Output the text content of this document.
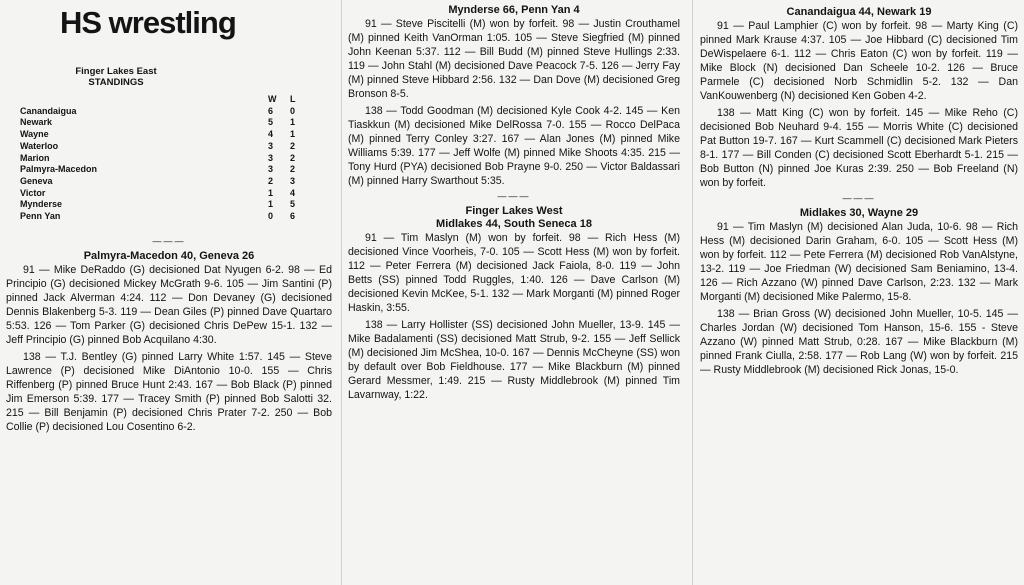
HS wrestling
Finger Lakes East
STANDINGS
	W	L
Canandaigua	6	0
Newark	5	1
Wayne	4	1
Waterloo	3	2
Marion	3	2
Palmyra-Macedon	3	2
Geneva	2	3
Victor	1	4
Mynderse	1	5
Penn Yan	0	6
———
Palmyra-Macedon 40, Geneva 26

91 — Mike DeRaddo (G) decisioned Dat Nyugen 6-2. 98 — Ed Principio (G) decisioned Mickey McGrath 9-6. 105 — Jim Santini (P) pinned Jack Alverman 4:24. 112 — Don Devaney (G) decisioned Dennis Blakenberg 5-3. 119 — Dean Giles (P) pinned Dave Quartaro 5:53. 126 — Tom Parker (G) decisioned Chris DePew 15-1. 132 — Jeff Principio (G) pinned Bob Acquilano 4:30.

138 — T.J. Bentley (G) pinned Larry White 1:57. 145 — Steve Lawrence (P) decisioned Mike DiAntonio 10-0. 155 — Chris Riffenberg (P) pinned Bruce Hunt 2:43. 167 — Bob Black (P) pinned Jim Emerson 5:39. 177 — Tracey Smith (P) pinned Bob Salotti 32. 215 — Bill Benjamin (P) decisioned Chris Prater 7-2. 250 — Bob Collie (P) decisioned Lou Cosentino 6-2.

Mynderse 66, Penn Yan 4

91 — Steve Piscitelli (M) won by forfeit. 98 — Justin Crouthamel (M) pinned Keith VanOrman 1:05. 105 — Steve Siegfried (M) pinned John Keenan 5:37. 112 — Bill Budd (M) pinned Steve Hullings 2:33. 119 — John Stahl (M) decisioned Dave Peacock 7-5. 126 — Jerry Fay (M) pinned Steve Hibbard 2:56. 132 — Dan Dove (M) decisioned Greg Bronson 8-5.

138 — Todd Goodman (M) decisioned Kyle Cook 4-2. 145 — Ken Tiaskkun (M) decisioned Mike DelRossa 7-0. 155 — Rocco DelPaca (M) pinned Terry Conley 3:27. 167 — Alan Jones (M) pinned Mike Williams 5:39. 177 — Jeff Wolfe (M) pinned Mike Shoots 4:35. 215 — Tony Hurd (PYA) decisioned Bob Prayne 9-0. 250 — Victor Baldassari (M) pinned Harry Swarthout 5:35.

———
Finger Lakes West
Midlakes 44, South Seneca 18

91 — Tim Maslyn (M) won by forfeit. 98 — Rich Hess (M) decisioned Vince Voorheis, 7-0. 105 — Scott Hess (M) won by forfeit. 112 — Peter Ferrera (M) decisioned Jack Faiola, 8-0. 119 — John Betts (SS) pinned Todd Ruggles, 1:40. 126 — Dave Carlson (M) decisioned Kevin McKee, 5-1. 132 — Mark Morganti (M) pinned Roger Haskin, 3:55.

138 — Larry Hollister (SS) decisioned John Mueller, 13-9. 145 — Mike Badalamenti (SS) decisioned Matt Strub, 9-2. 155 — Jeff Sellick (M) decisioned Jim McShea, 10-0. 167 — Dennis McCheyne (SS) won by default over Bob Fieldhouse. 177 — Mike Blackburn (M) pinned Gerard Messmer, 1:49. 215 — Rusty Middlebrook (M) pinned Tim Lavarnway, 1:22.

Canandaigua 44, Newark 19

91 — Paul Lamphier (C) won by forfeit. 98 — Marty King (C) pinned Mark Krause 4:37. 105 — Joe Hibbard (C) decisioned Tim DeWispelaere 6-1. 112 — Chris Eaton (C) won by forfeit. 119 — Mike Block (N) decisioned Dan Scheele 10-2. 126 — Bruce Parmele (C) decisioned Norb Schmidlin 5-2. 132 — Dan VanKouwenberg (N) decisioned Ken Goben 4-2.

138 — Matt King (C) won by forfeit. 145 — Mike Reho (C) decisioned Bob Neuhard 9-4. 155 — Morris White (C) decisioned Pat Button 19-7. 167 — Kurt Scammell (C) decisioned Mark Pieters 8-1. 177 — Bill Conden (C) decisioned Scott Eberhardt 5-1. 215 — Bob Button (N) pinned Joe Kuras 2:39. 250 — Bob Freeland (N) won by forfeit.

———
Midlakes 30, Wayne 29

91 — Tim Maslyn (M) decisioned Alan Juda, 10-6. 98 — Rich Hess (M) decisioned Darin Graham, 6-0. 105 — Scott Hess (M) won by forfeit. 112 — Pete Ferrera (M) decisioned Rob VanAlstyne, 13-2. 119 — Joe Friedman (W) decisioned Sam Beniamino, 13-4. 126 — Rich Azzano (W) pinned Dave Carlson, 2:23. 132 — Mark Morganti (M) decisioned Mike Palermo, 15-8.

138 — Brian Gross (W) decisioned John Mueller, 10-5. 145 — Charles Jordan (W) decisioned Tom Hanson, 15-6. 155 - Steve Azzano (W) pinned Matt Strub, 0:28. 167 — Mike Blackburn (M) pinned Frank Ciulla, 2:58. 177 — Rob Lang (W) won by forfeit. 215 — Rusty Middlebrook (M) decisioned Rick Jonas, 15-0.
